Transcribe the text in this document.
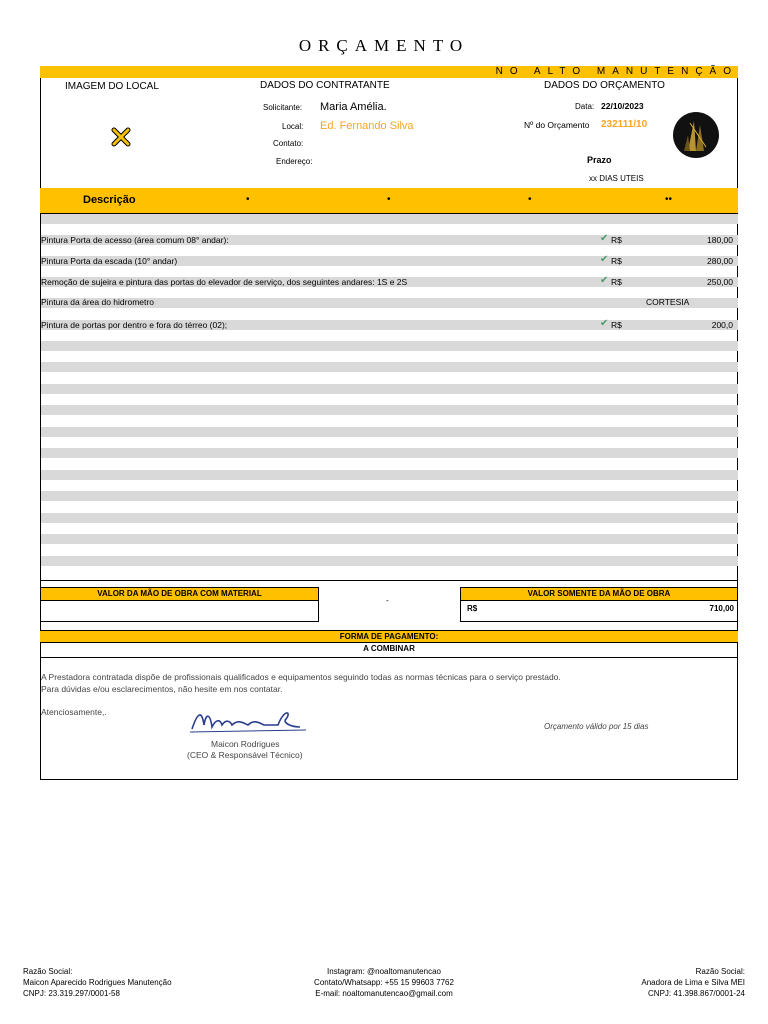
ORÇAMENTO
NO ALTO MANUTENÇÃO
IMAGEM DO LOCAL	DADOS DO CONTRATANTE
Solicitante: Maria Amélia.
Local: Ed. Fernando Silva
Contato:
Endereço:
DADOS DO ORÇAMENTO
Data: 22/10/2023
Nº do Orçamento 232111/10
Prazo
xx DIAS UTEIS
Descrição	•	•	•	••
Pintura Porta de acesso (área comum 08° andar):	✔ R$	180,00
Pintura Porta da escada (10° andar)	✔ R$	280,00
Remoção de sujeira e pintura das portas do elevador de serviço, dos seguintes andares: 1S e 2S	✔ R$	250,00
Pintura da área do hidrometro	CORTESIA
Pintura de portas por dentro e fora do térreo (02);	✔ R$	200,0
VALOR DA MÃO DE OBRA COM MATERIAL
-
VALOR SOMENTE DA MÃO DE OBRA
R$	710,00
FORMA DE PAGAMENTO:
A COMBINAR
A Prestadora contratada dispõe de profissionais qualificados e equipamentos seguindo todas as normas técnicas para o serviço prestado.
Para dúvidas e/ou esclarecimentos, não hesite em nos contatar.
Atenciosamente,.
Maicon Rodrigues
(CEO & Responsável Técnico)
Orçamento válido por 15 dias
Razão Social:
Maicon Aparecido Rodrigues Manutenção
CNPJ: 23.319.297/0001-58
Instagram: @noaltomanutencao
Contato/Whatsapp: +55 15 99603 7762
E-mail: noaltomanutencao@gmail.com
Razão Social:
Anadora de Lima e Silva MEI
CNPJ: 41.398.867/0001-24
